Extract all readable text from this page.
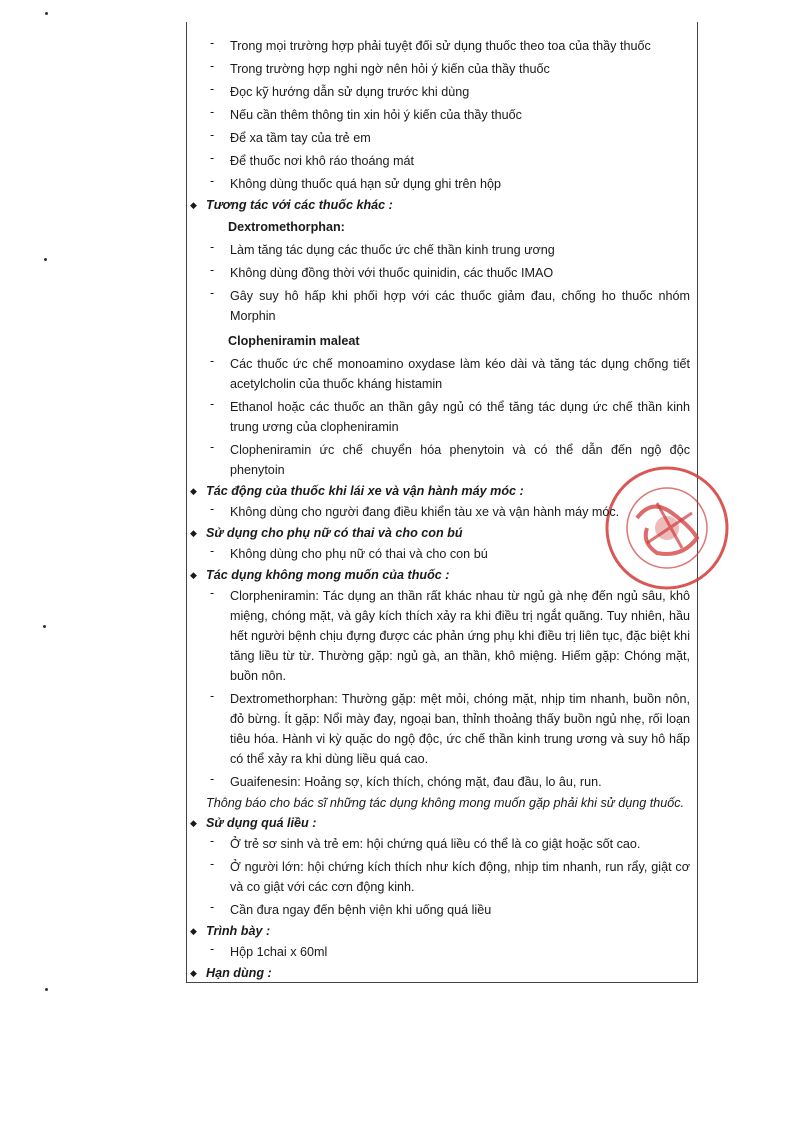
-	Trong mọi trường hợp phải tuyệt đối sử dụng thuốc theo toa của thầy thuốc
-	Trong trường hợp nghi ngờ nên hỏi ý kiến của thầy thuốc
-	Đọc kỹ hướng dẫn sử dụng trước khi dùng
-	Nếu cần thêm thông tin xin hỏi ý kiến của thầy thuốc
-	Để xa tầm tay của trẻ em
-	Để thuốc nơi khô ráo thoáng mát
-	Không dùng thuốc quá hạn sử dụng ghi trên hộp
◆ Tương tác với các thuốc khác :
Dextromethorphan:
-	Làm tăng tác dụng các thuốc ức chế thần kinh trung ương
-	Không dùng đồng thời với thuốc quinidin, các thuốc IMAO
-	Gây suy hô hấp khi phối hợp với các thuốc giảm đau, chống ho thuốc nhóm Morphin
Clopheniramin maleat
-	Các thuốc ức chế monoamino oxydase làm kéo dài và tăng tác dụng chống tiết acetylcholin của thuốc kháng histamin
-	Ethanol hoặc các thuốc an thần gây ngủ có thể tăng tác dụng ức chế thần kinh trung ương của clopheniramin
-	Clopheniramin ức chế chuyển hóa phenytoin và có thể dẫn đến ngộ độc phenytoin
◆ Tác động của thuốc khi lái xe và vận hành máy móc :
-	Không dùng cho người đang điều khiển tàu xe và vận hành máy móc.
◆ Sử dụng cho phụ nữ có thai và cho con bú
-	Không dùng cho phụ nữ có thai và cho con bú
◆ Tác dụng không mong muốn của thuốc :
-	Clorpheniramin: Tác dụng an thần rất khác nhau từ ngủ gà nhẹ đến ngủ sâu, khô miệng, chóng mặt, và gây kích thích xảy ra khi điều trị ngắt quãng. Tuy nhiên, hầu hết người bệnh chịu đựng được các phản ứng phụ khi điều trị liên tục, đặc biệt khi tăng liều từ từ. Thường gặp: ngủ gà, an thần, khô miệng. Hiếm gặp: Chóng mặt, buồn nôn.
-	Dextromethorphan: Thường gặp: mệt mỏi, chóng mặt, nhịp tim nhanh, buồn nôn, đỏ bừng. Ít gặp: Nổi mày đay, ngoại ban, thỉnh thoảng thấy buồn ngủ nhẹ, rối loạn tiêu hóa. Hành vi kỳ quặc do ngộ độc, ức chế thần kinh trung ương và suy hô hấp có thể xảy ra khi dùng liều quá cao.
-	Guaifenesin: Hoảng sợ, kích thích, chóng mặt, đau đầu, lo âu, run.
Thông báo cho bác sĩ những tác dụng không mong muốn gặp phải khi sử dụng thuốc.
◆ Sử dụng quá liều :
-	Ở trẻ sơ sinh và trẻ em: hội chứng quá liều có thể là co giật hoặc sốt cao.
-	Ở người lớn: hội chứng kích thích như kích động, nhịp tim nhanh, run rẩy, giật cơ và co giật với các cơn động kinh.
-	Cần đưa ngay đến bệnh viện khi uống quá liều
◆ Trình bày :
-	Hộp 1chai x 60ml
◆ Hạn dùng :
